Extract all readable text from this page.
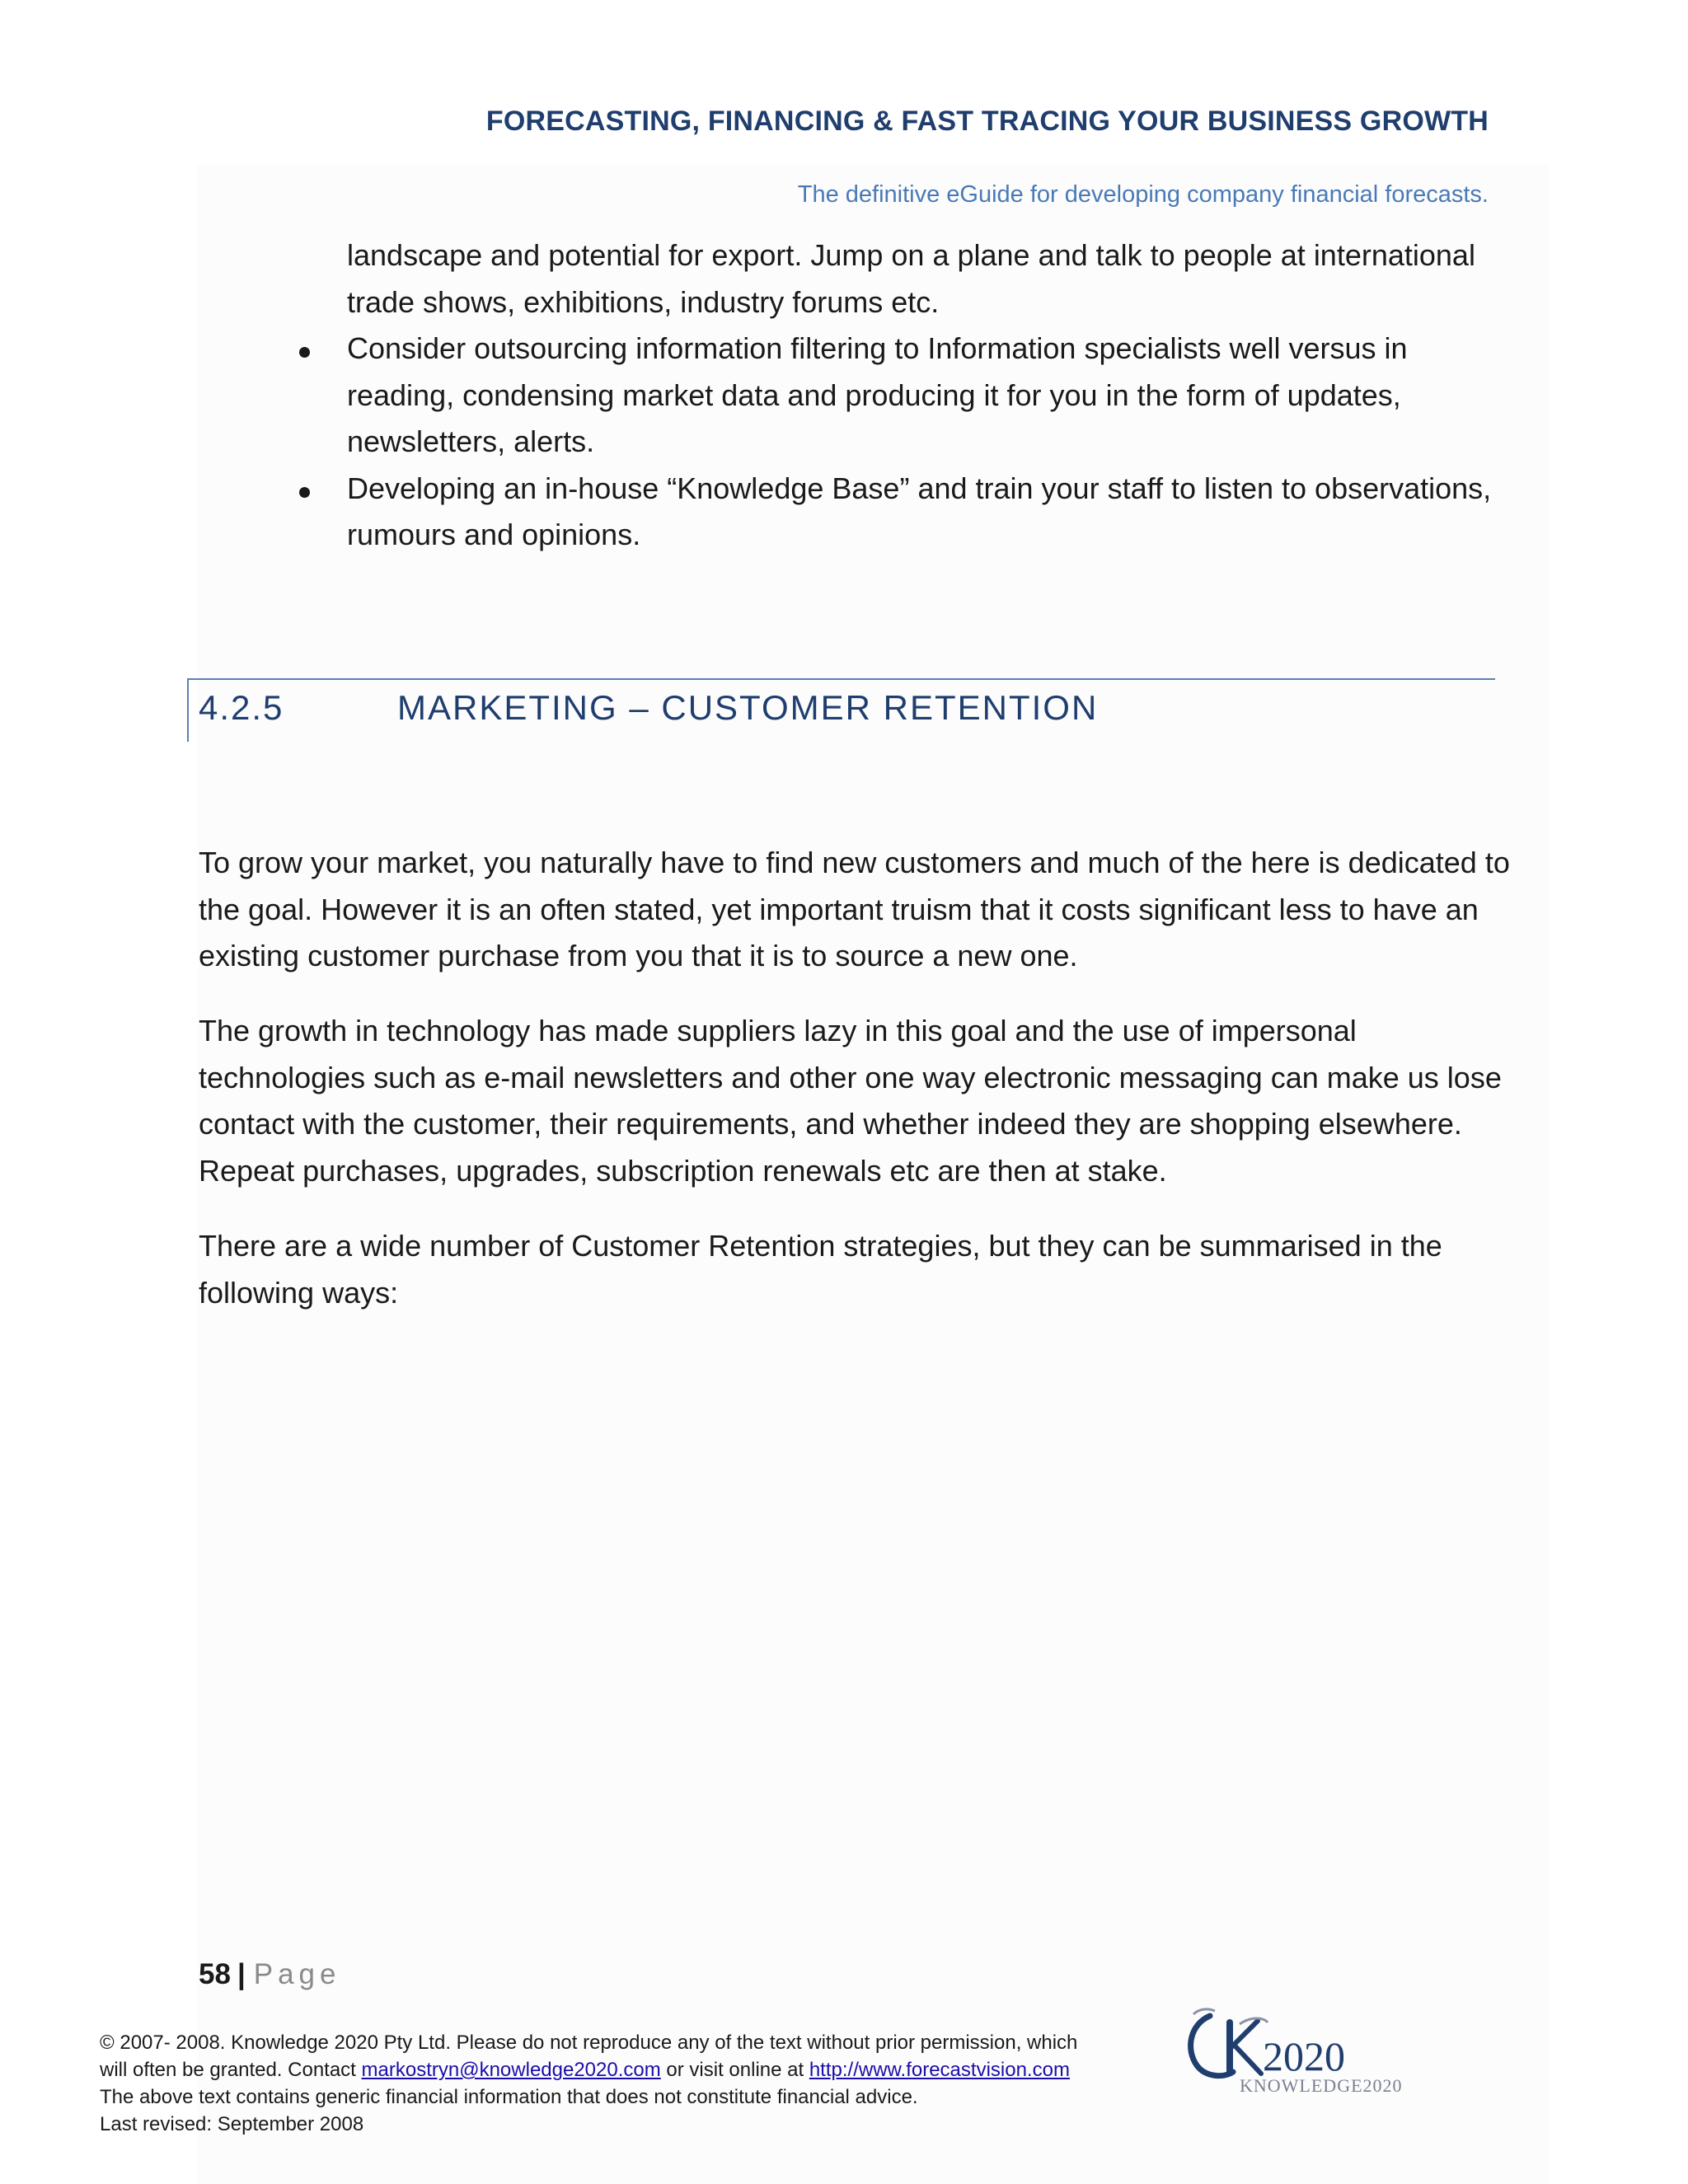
FORECASTING, FINANCING & FAST TRACING YOUR BUSINESS GROWTH
The definitive eGuide for developing company financial forecasts.

landscape and potential for export. Jump on a plane and talk to people at international trade shows, exhibitions, industry forums etc.

Consider outsourcing information filtering to Information specialists well versus in reading, condensing market data and producing it for you in the form of updates, newsletters, alerts.
Developing an in-house “Knowledge Base” and train your staff to listen to observations, rumours and opinions.
4.2.5	MARKETING – CUSTOMER RETENTION

To grow your market, you naturally have to find new customers and much of the here is dedicated to the goal. However it is an often stated, yet important truism that it costs significant less to have an existing customer purchase from you that it is to source a new one.

The growth in technology has made suppliers lazy in this goal and the use of impersonal technologies such as e-mail newsletters and other one way electronic messaging can make us lose contact with the customer, their requirements, and whether indeed they are shopping elsewhere. Repeat purchases, upgrades, subscription renewals etc are then at stake.

There are a wide number of Customer Retention strategies, but they can be summarised in the following ways:

58 | Page
© 2007- 2008. Knowledge 2020 Pty Ltd. Please do not reproduce any of the text without prior permission, which
will often be granted. Contact markostryn@knowledge2020.com or visit online at http://www.forecastvision.com
The above text contains generic financial information that does not constitute financial advice.
Last revised: September 2008
2020
KNOWLEDGE2020
